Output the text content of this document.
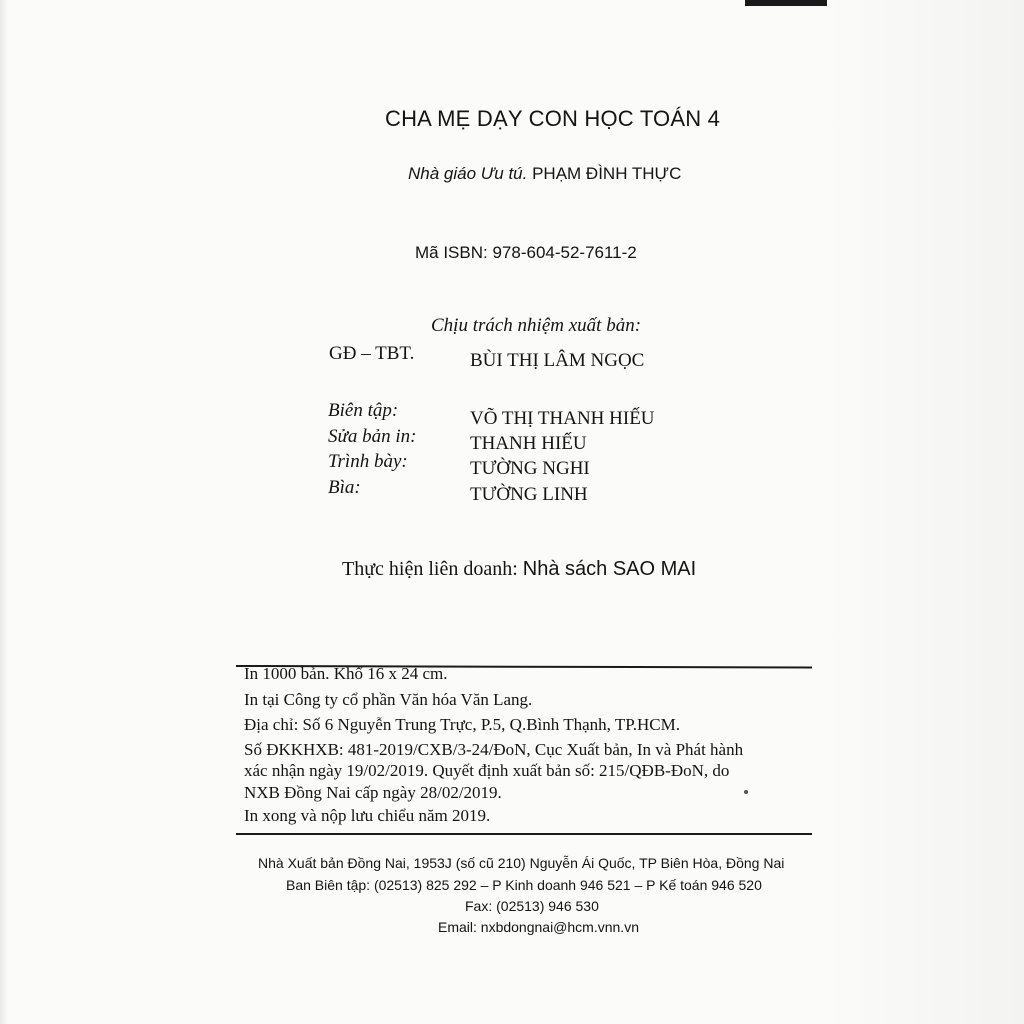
CHA MẸ DẠY CON HỌC TOÁN 4
Nhà giáo Ưu tú. PHẠM ĐÌNH THỰC
Mã ISBN: 978-604-52-7611-2
Chịu trách nhiệm xuất bản:
GĐ – TBT.	BÙI THỊ LÂM NGỌC
Biên tập:	VÕ THỊ THANH HIẾU
Sửa bản in:	THANH HIẾU
Trình bày:	TƯỜNG NGHI
Bìa:	TƯỜNG LINH
Thực hiện liên doanh: Nhà sách SAO MAI
In 1000 bản. Khổ 16 x 24 cm.
In tại Công ty cổ phần Văn hóa Văn Lang.
Địa chỉ: Số 6 Nguyễn Trung Trực, P.5, Q.Bình Thạnh, TP.HCM.
Số ĐKKHXB: 481-2019/CXB/3-24/ĐoN, Cục Xuất bản, In và Phát hành
xác nhận ngày 19/02/2019. Quyết định xuất bản số: 215/QĐB-ĐoN, do
NXB Đồng Nai cấp ngày 28/02/2019.
In xong và nộp lưu chiểu năm 2019.
Nhà Xuất bản Đồng Nai, 1953J (số cũ 210) Nguyễn Ái Quốc, TP Biên Hòa, Đồng Nai
Ban Biên tập: (02513) 825 292 – P Kinh doanh 946 521 – P Kế toán 946 520
Fax: (02513) 946 530
Email: nxbdongnai@hcm.vnn.vn
